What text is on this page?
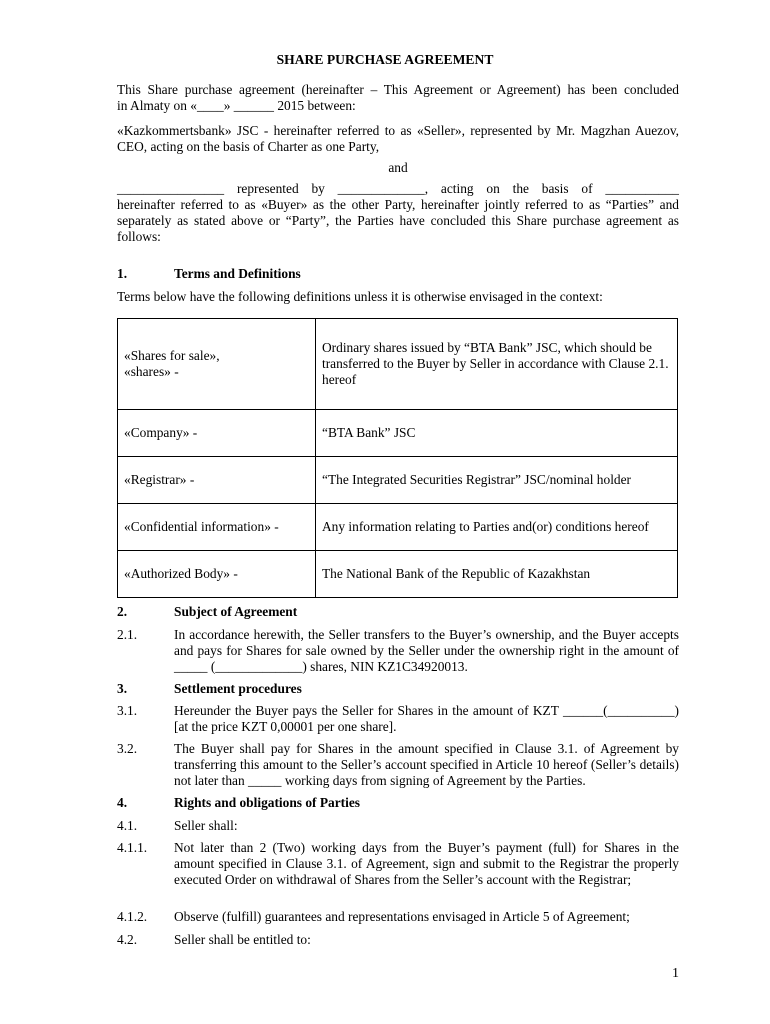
SHARE PURCHASE AGREEMENT
This Share purchase agreement (hereinafter – This Agreement or Agreement) has been concluded
in Almaty on «____» ______ 2015 between:
«Kazkommertsbank» JSC - hereinafter referred to as «Seller», represented by Mr. Magzhan Auezov, CEO, acting on the basis of Charter as one Party,
and
________________ represented by _____________, acting on the basis of ___________
hereinafter referred to as «Buyer» as the other Party, hereinafter jointly referred to as “Parties” and separately as stated above or “Party”, the Parties have concluded this Share purchase agreement as follows:
1.	Terms and Definitions
Terms below have the following definitions unless it is otherwise envisaged in the context:
«Shares for sale»,
«shares» -	Ordinary shares issued by “BTA Bank” JSC, which should be transferred to the Buyer by Seller in accordance with Clause 2.1. hereof
«Company» -	“BTA Bank” JSC
«Registrar» -	“The Integrated Securities Registrar” JSC/nominal holder
«Confidential information» -	Any information relating to Parties and(or) conditions hereof
«Authorized Body» -	The National Bank of the Republic of Kazakhstan
2.	Subject of Agreement
2.1.	In accordance herewith, the Seller transfers to the Buyer’s ownership, and the Buyer accepts and pays for Shares for sale owned by the Seller under the ownership right in the amount of _____ (_____________) shares, NIN KZ1C34920013.
3.	Settlement procedures
3.1.	Hereunder the Buyer pays the Seller for Shares in the amount of KZT ______(__________) [at the price KZT 0,00001 per one share].
3.2.	The Buyer shall pay for Shares in the amount specified in Clause 3.1. of Agreement by transferring this amount to the Seller’s account specified in Article 10 hereof (Seller’s details) not later than _____ working days from signing of Agreement by the Parties.
4.	Rights and obligations of Parties
4.1.	Seller shall:
4.1.1. Not later than 2 (Two) working days from the Buyer’s payment (full) for Shares in the amount specified in Clause 3.1. of Agreement, sign and submit to the Registrar the properly executed Order on withdrawal of Shares from the Seller’s account with the Registrar;
4.1.2. Observe (fulfill) guarantees and representations envisaged in Article 5 of Agreement;
4.2.	Seller shall be entitled to:
1
